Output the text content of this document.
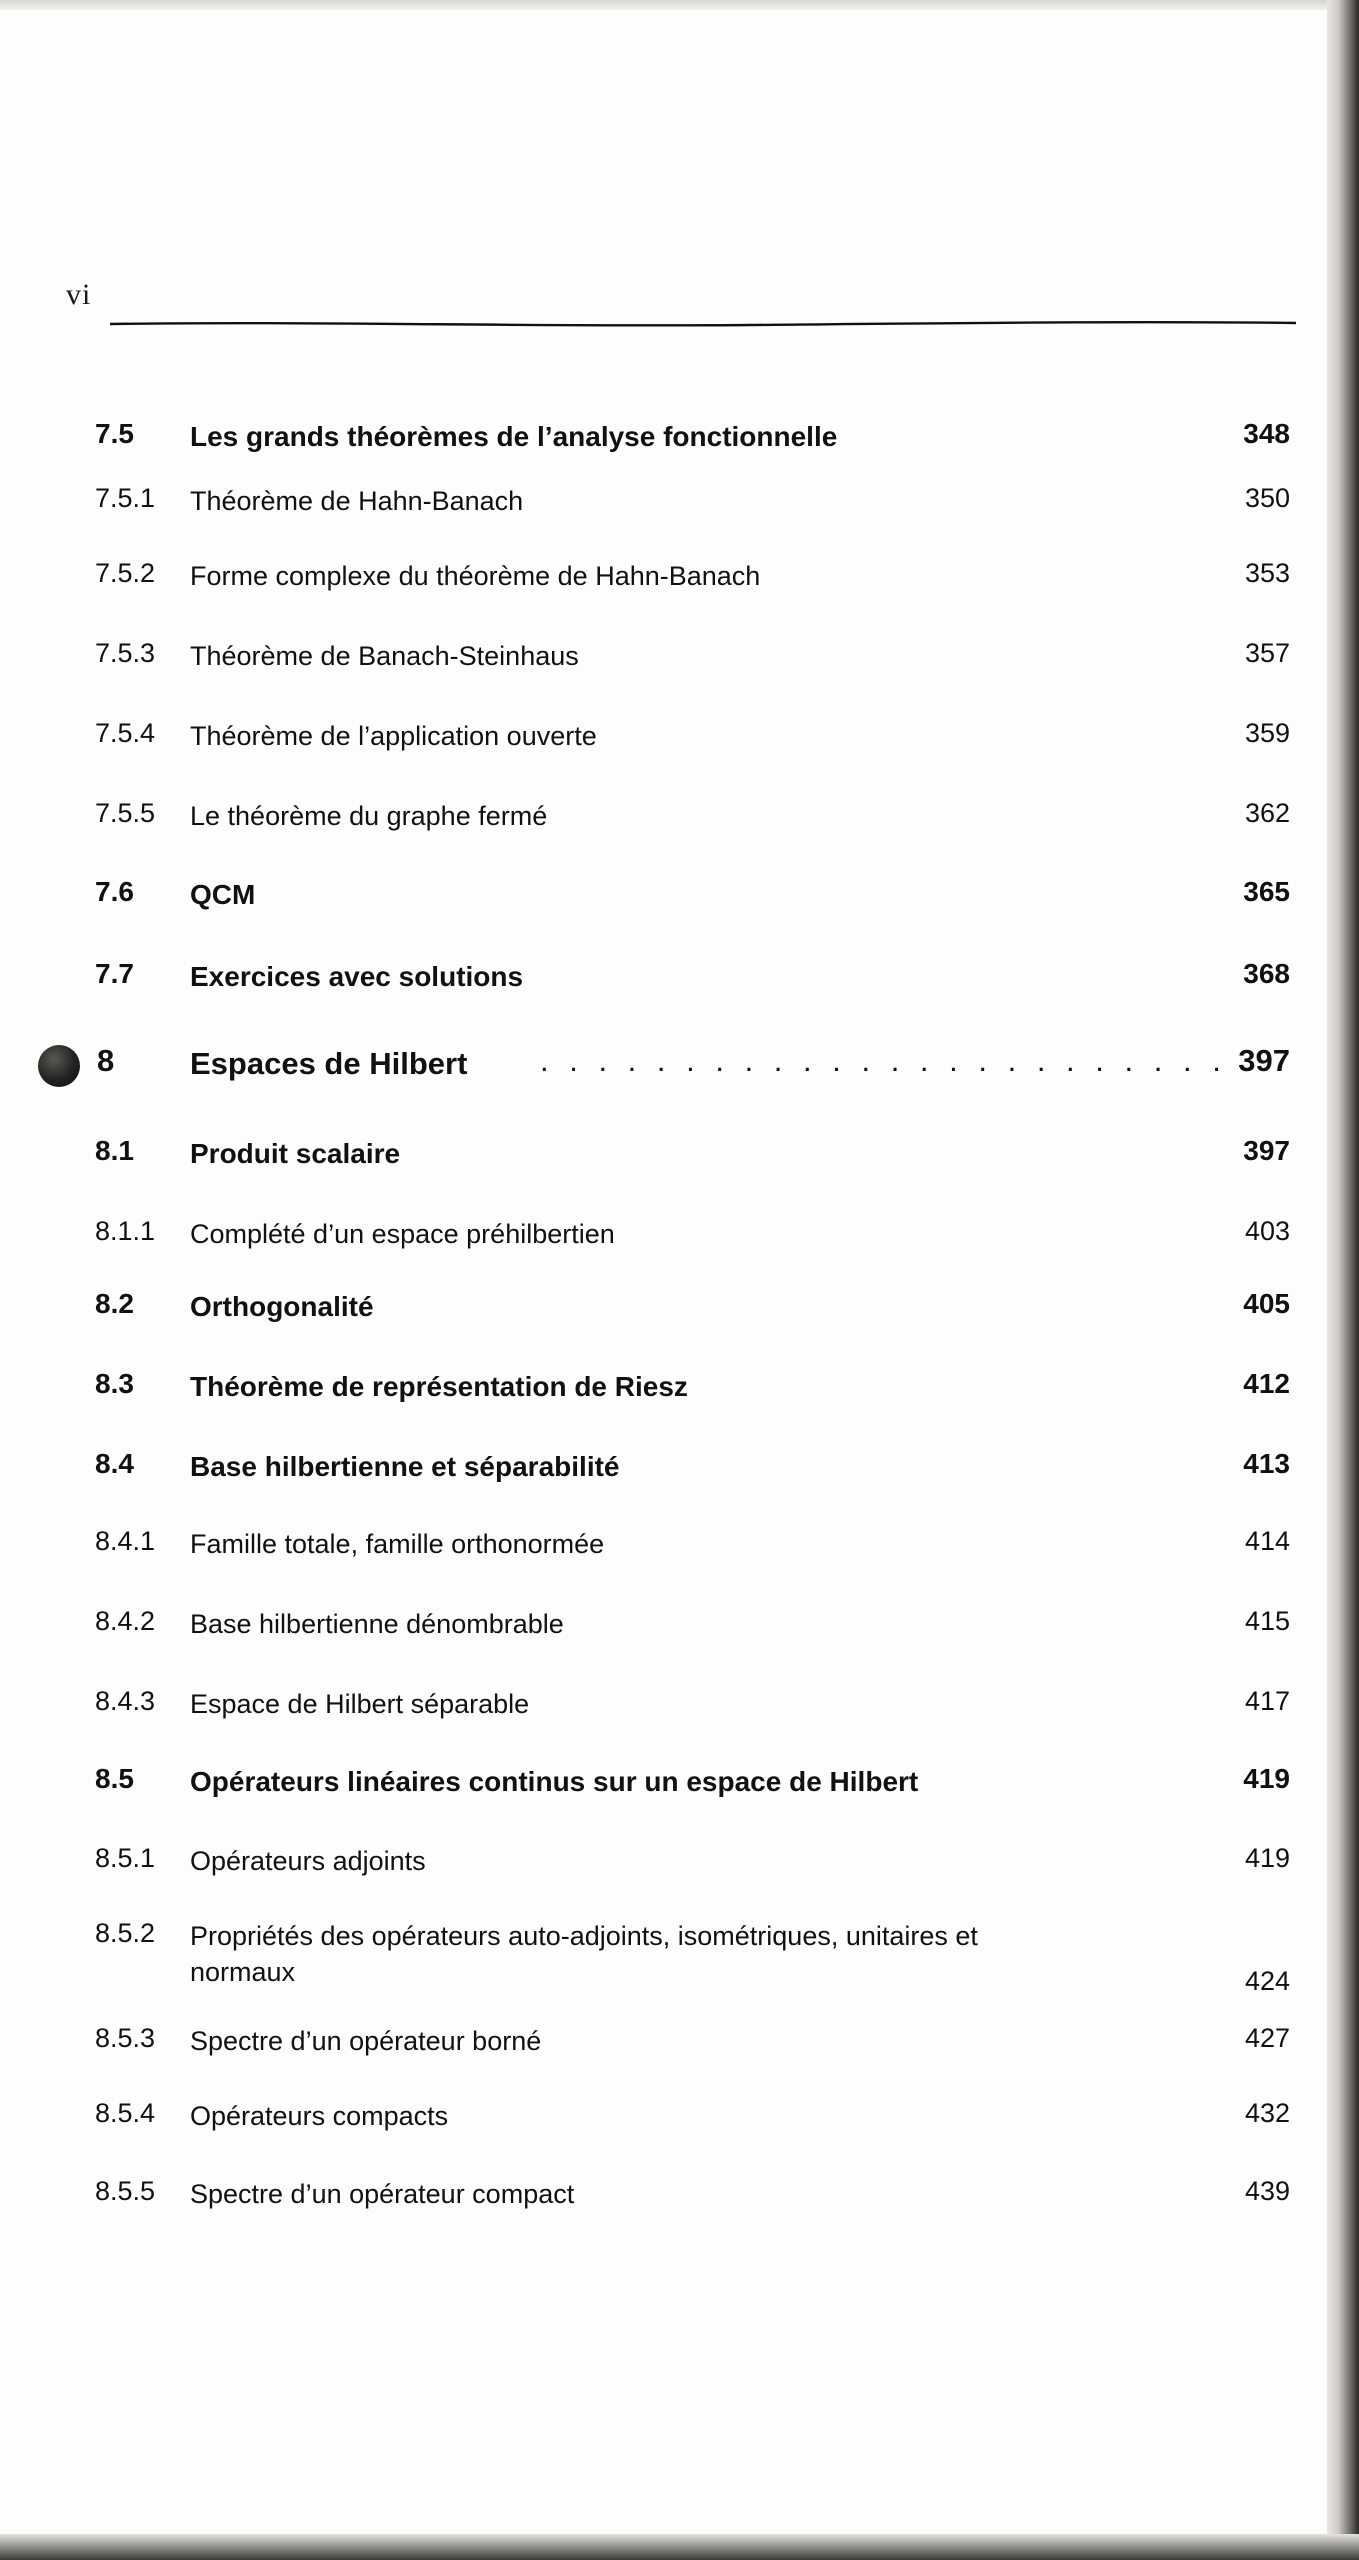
vi
7.5 Les grands théorèmes de l’analyse fonctionnelle	348
7.5.1 Théorème de Hahn-Banach	350
7.5.2 Forme complexe du théorème de Hahn-Banach	353
7.5.3 Théorème de Banach-Steinhaus	357
7.5.4 Théorème de l’application ouverte	359
7.5.5 Le théorème du graphe fermé	362
7.6 QCM	365
7.7 Exercices avec solutions	368
8 Espaces de Hilbert	. . . . . . . . . . . . . . . . . . . . . . . . 397
8.1 Produit scalaire	397
8.1.1 Complété d’un espace préhilbertien	403
8.2 Orthogonalité	405
8.3 Théorème de représentation de Riesz	412
8.4 Base hilbertienne et séparabilité	413
8.4.1 Famille totale, famille orthonormée	414
8.4.2 Base hilbertienne dénombrable	415
8.4.3 Espace de Hilbert séparable	417
8.5 Opérateurs linéaires continus sur un espace de Hilbert	419
8.5.1 Opérateurs adjoints	419
8.5.2 Propriétés des opérateurs auto-adjoints, isométriques, unitaires et normaux	424
8.5.3 Spectre d’un opérateur borné	427
8.5.4 Opérateurs compacts	432
8.5.5 Spectre d’un opérateur compact	439
